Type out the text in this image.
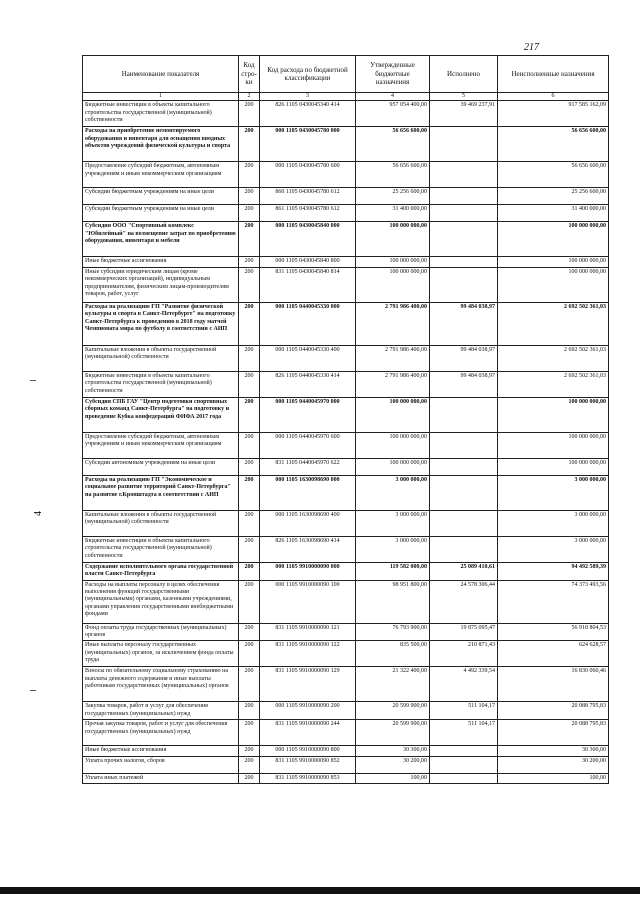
217
Наименование показателя	Код стро-ки	Код расхода по бюджетной классификации	Утвержденные бюджетные назначения	Исполнено	Неисполненные назначения
1	2	3	4	5	6
Бюджетные инвестиции в объекты капитального строительства государственной (муниципальной) собственности	200	826 1105 0430045340 414	957 054 400,00	39 469 237,91	917 585 162,09
Расходы на приобретение немонтируемого оборудования и инвентаря для оснащения вводных объектов учреждений физической культуры и спорта	200	000 1105 0430045780 000	56 656 600,00		56 656 600,00
Предоставление субсидий бюджетным, автономным учреждениям и иным некоммерческим организациям	200	000 1105 0430045780 600	56 656 600,00		56 656 600,00
Субсидии бюджетным учреждениям на иные цели	200	860 1105 0430045780 612	25 256 600,00		25 256 600,00
Субсидии бюджетным учреждениям на иные цели	200	861 1105 0430045780 612	31 400 000,00		31 400 000,00
Субсидия ООО "Спортивный комплекс "Юбилейный" на возмещение затрат по приобретению оборудования, инвентаря и мебели	200	000 1105 0430045840 000	100 000 000,00		100 000 000,00
Иные бюджетные ассигнования	200	000 1105 0430045840 800	100 000 000,00		100 000 000,00
Иные субсидии юридическим лицам (кроме некоммерческих организаций), индивидуальным предпринимателям, физическим лицам-производителям товаров, работ, услуг	200	831 1105 0430045840 814	100 000 000,00		100 000 000,00
Расходы на реализацию ГП "Развитие физической культуры и спорта в Санкт-Петербурге" на подготовку Санкт-Петербурга к проведению в 2018 году матчей Чемпионата мира по футболу в соответствии с АИП	200	000 1105 0440045330 000	2 791 986 400,00	99 484 038,97	2 692 502 361,03
Капитальные вложения в объекты государственной (муниципальной) собственности	200	000 1105 0440045330 400	2 791 986 400,00	99 484 038,97	2 692 502 361,03
Бюджетные инвестиции в объекты капитального строительства государственной (муниципальной) собственности	200	826 1105 0440045330 414	2 791 986 400,00	99 484 038,97	2 692 502 361,03
Субсидия СПБ ГАУ "Центр подготовки спортивных сборных команд Санкт-Петербурга" на подготовку и проведение Кубка конфедераций ФИФА 2017 года	200	000 1105 0440045970 000	100 000 000,00		100 000 000,00
Предоставление субсидий бюджетным, автономным учреждениям и иным некоммерческим организациям	200	000 1105 0440045970 600	100 000 000,00		100 000 000,00
Субсидии автономным учреждениям на иные цели	200	831 1105 0440045970 622	100 000 000,00		100 000 000,00
Расходы на реализацию ГП "Экономическое и социальное развитие территорий Санкт-Петербурга" на развитие г.Кронштадта в соответствии с АИП	200	000 1105 1630098690 000	3 000 000,00		3 000 000,00
Капитальные вложения в объекты государственной (муниципальной) собственности	200	000 1105 1630098690 400	3 000 000,00		3 000 000,00
Бюджетные инвестиции в объекты капитального строительства государственной (муниципальной) собственности	200	826 1105 1630098690 414	3 000 000,00		3 000 000,00
Содержание исполнительного органа государственной власти Санкт-Петербурга	200	000 1105 9910000090 000	119 582 000,00	25 089 410,61	94 492 589,39
Расходы на выплаты персоналу в целях обеспечения выполнения функций государственными (муниципальными) органами, казенными учреждениями, органами управления государственными внебюджетными фондами	200	000 1105 9910000090 100	98 951 800,00	24 578 306,44	74 373 493,56
Фонд оплаты труда государственных (муниципальных) органов	200	831 1105 9910000090 121	76 793 900,00	19 875 095,47	56 918 804,53
Иные выплаты персоналу государственных (муниципальных) органов, за исключением фонда оплаты труда	200	831 1105 9910000090 122	835 500,00	210 871,43	624 628,57
Взносы по обязательному социальному страхованию на выплаты денежного содержания и иные выплаты работникам государственных (муниципальных) органов	200	831 1105 9910000090 129	21 322 400,00	4 492 339,54	16 830 060,46
Закупка товаров, работ и услуг для обеспечения государственных (муниципальных) нужд	200	000 1105 9910000090 200	20 599 900,00	511 104,17	20 088 795,83
Прочая закупка товаров, работ и услуг для обеспечения государственных (муниципальных) нужд	200	831 1105 9910000090 244	20 599 900,00	511 104,17	20 088 795,83
Иные бюджетные ассигнования	200	000 1105 9910000090 800	30 300,00		30 300,00
Уплата прочих налогов, сборов	200	831 1105 9910000090 852	30 200,00		30 200,00
Уплата иных платежей	200	831 1105 9910000090 853	100,00		100,00
4
